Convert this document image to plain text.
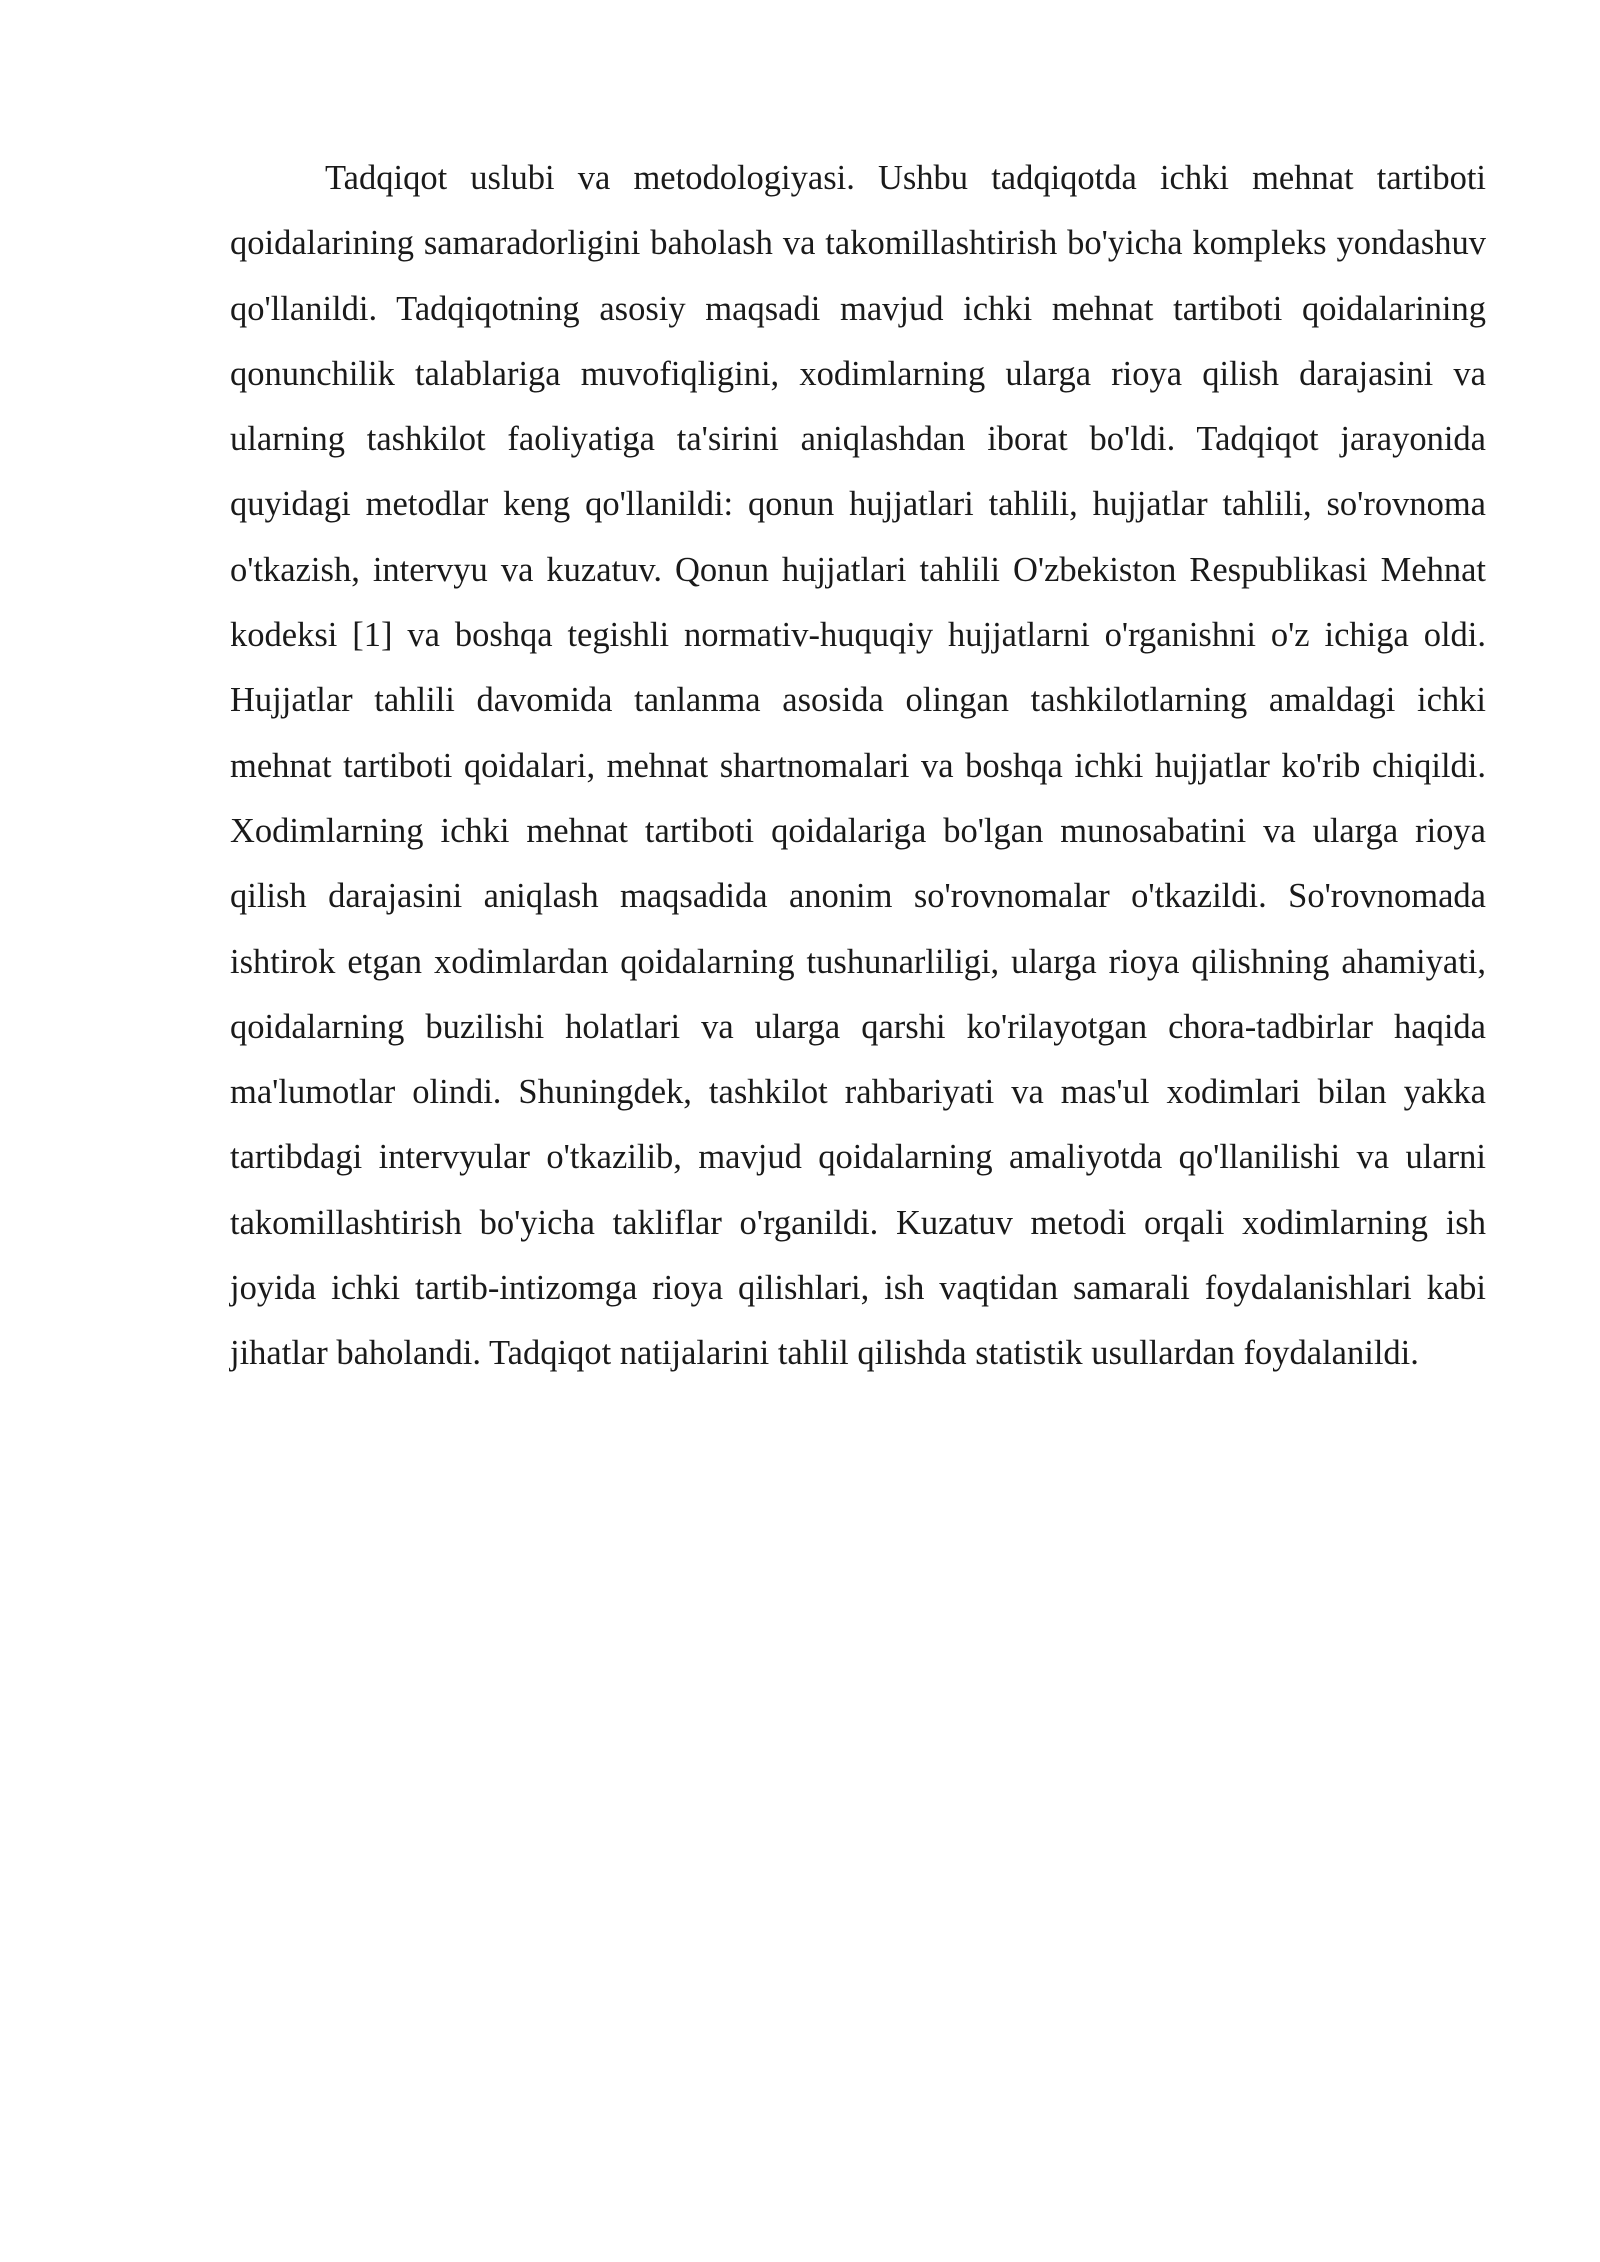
Tadqiqot uslubi va metodologiyasi. Ushbu tadqiqotda ichki mehnat tartiboti qoidalarining samaradorligini baholash va takomillashtirish bo'yicha kompleks yondashuv qo'llanildi. Tadqiqotning asosiy maqsadi mavjud ichki mehnat tartiboti qoidalarining qonunchilik talablariga muvofiqligini, xodimlarning ularga rioya qilish darajasini va ularning tashkilot faoliyatiga ta'sirini aniqlashdan iborat bo'ldi. Tadqiqot jarayonida quyidagi metodlar keng qo'llanildi: qonun hujjatlari tahlili, hujjatlar tahlili, so'rovnoma o'tkazish, intervyu va kuzatuv. Qonun hujjatlari tahlili O'zbekiston Respublikasi Mehnat kodeksi [1] va boshqa tegishli normativ-huquqiy hujjatlarni o'rganishni o'z ichiga oldi. Hujjatlar tahlili davomida tanlanma asosida olingan tashkilotlarning amaldagi ichki mehnat tartiboti qoidalari, mehnat shartnomalari va boshqa ichki hujjatlar ko'rib chiqildi. Xodimlarning ichki mehnat tartiboti qoidalariga bo'lgan munosabatini va ularga rioya qilish darajasini aniqlash maqsadida anonim so'rovnomalar o'tkazildi. So'rovnomada ishtirok etgan xodimlardan qoidalarning tushunarliligi, ularga rioya qilishning ahamiyati, qoidalarning buzilishi holatlari va ularga qarshi ko'rilayotgan chora-tadbirlar haqida ma'lumotlar olindi. Shuningdek, tashkilot rahbariyati va mas'ul xodimlari bilan yakka tartibdagi intervyular o'tkazilib, mavjud qoidalarning amaliyotda qo'llanilishi va ularni takomillashtirish bo'yicha takliflar o'rganildi. Kuzatuv metodi orqali xodimlarning ish joyida ichki tartib-intizomga rioya qilishlari, ish vaqtidan samarali foydalanishlari kabi jihatlar baholandi. Tadqiqot natijalarini tahlil qilishda statistik usullardan foydalanildi.
